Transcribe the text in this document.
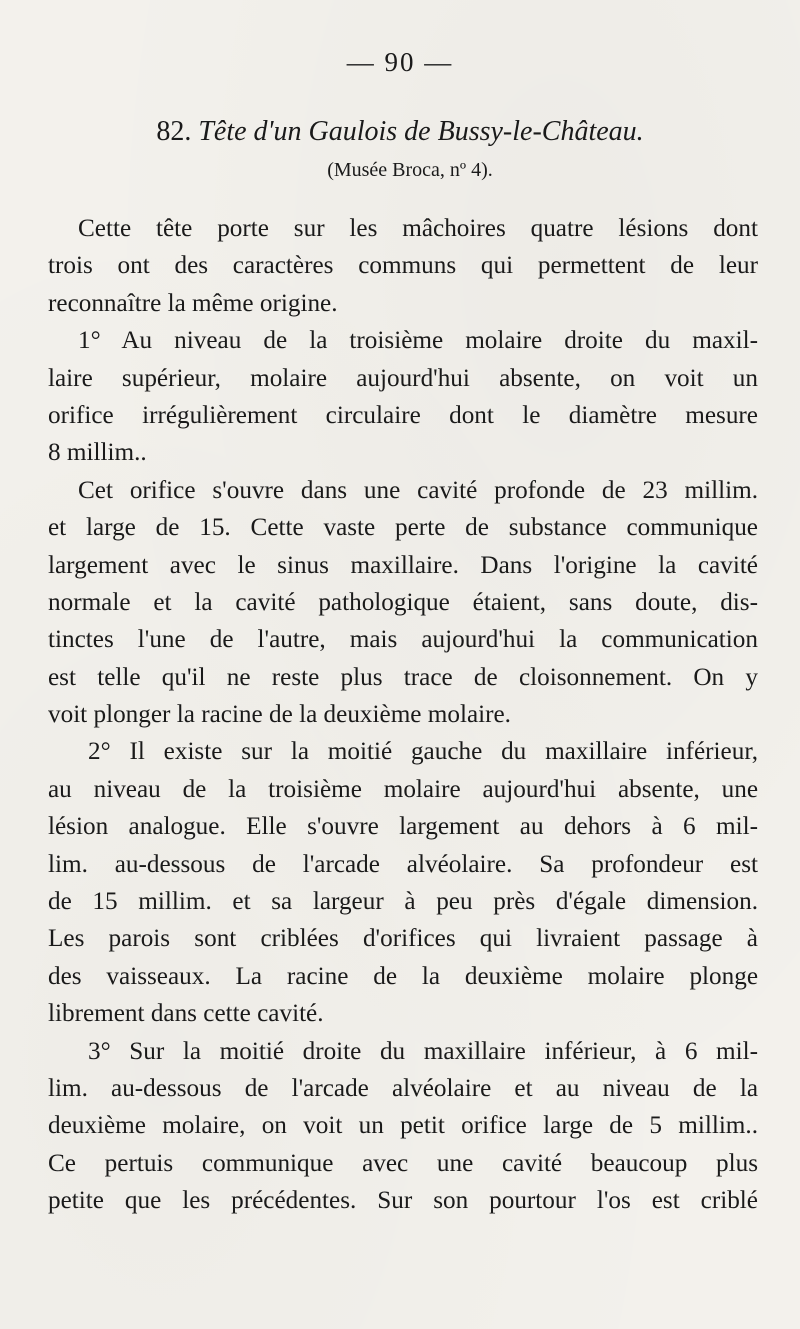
— 90 —
82. Tête d'un Gaulois de Bussy-le-Château.
(Musée Broca, nº 4).
Cette tête porte sur les mâchoires quatre lésions dont
trois ont des caractères communs qui permettent de leur
reconnaître la même origine.
1° Au niveau de la troisième molaire droite du maxil-
laire supérieur, molaire aujourd'hui absente, on voit un
orifice irrégulièrement circulaire dont le diamètre mesure
8 millim..
Cet orifice s'ouvre dans une cavité profonde de 23 millim.
et large de 15. Cette vaste perte de substance communique
largement avec le sinus maxillaire. Dans l'origine la cavité
normale et la cavité pathologique étaient, sans doute, dis-
tinctes l'une de l'autre, mais aujourd'hui la communication
est telle qu'il ne reste plus trace de cloisonnement. On y
voit plonger la racine de la deuxième molaire.
2° Il existe sur la moitié gauche du maxillaire inférieur,
au niveau de la troisième molaire aujourd'hui absente, une
lésion analogue. Elle s'ouvre largement au dehors à 6 mil-
lim. au-dessous de l'arcade alvéolaire. Sa profondeur est
de 15 millim. et sa largeur à peu près d'égale dimension.
Les parois sont criblées d'orifices qui livraient passage à
des vaisseaux. La racine de la deuxième molaire plonge
librement dans cette cavité.
3° Sur la moitié droite du maxillaire inférieur, à 6 mil-
lim. au-dessous de l'arcade alvéolaire et au niveau de la
deuxième molaire, on voit un petit orifice large de 5 millim..
Ce pertuis communique avec une cavité beaucoup plus
petite que les précédentes. Sur son pourtour l'os est criblé
